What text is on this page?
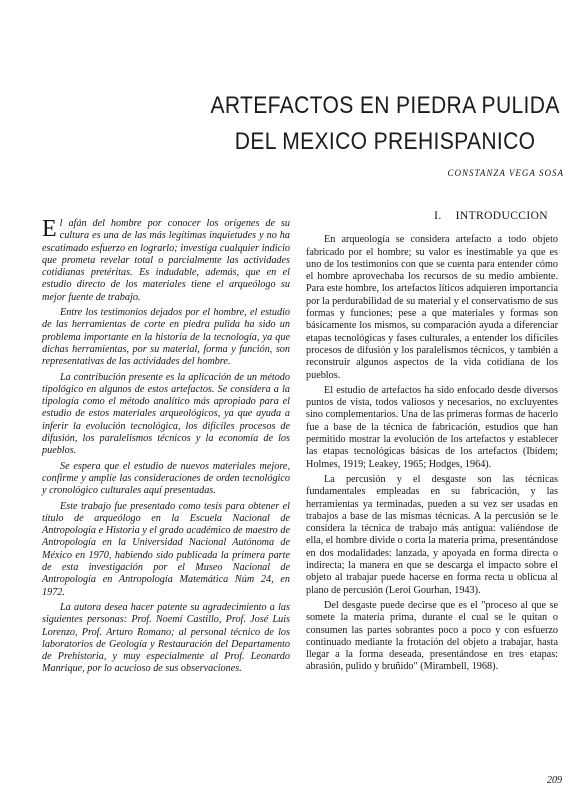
ARTEFACTOS EN PIEDRA PULIDA
DEL MEXICO PREHISPANICO
CONSTANZA VEGA SOSA

El afán del hombre por conocer los orígenes de su cultura es una de las más legítimas inquietudes y no ha escatimado esfuerzo en lograrlo; investiga cualquier indicio que prometa revelar total o parcialmente las actividades cotidianas pretéritas. Es indudable, además, que en el estudio directo de los materiales tiene el arqueólogo su mejor fuente de trabajo.

Entre los testimonios dejados por el hombre, el estudio de las herramientas de corte en piedra pulida ha sido un problema importante en la historia de la tecnología, ya que dichas herramientas, por su material, forma y función, son representativas de las actividades del hombre.

La contribución presente es la aplicación de un método tipológico en algunos de estos artefactos. Se considera a la tipología como el método analítico más apropiado para el estudio de estos materiales arqueológicos, ya que ayuda a inferir la evolución tecnológica, los difíciles procesos de difusión, los paralelismos técnicos y la economía de los pueblos.

Se espera que el estudio de nuevos materiales mejore, confirme y amplíe las consideraciones de orden tecnológico y cronológico culturales aquí presentadas.

Este trabajo fue presentado como tesis para obtener el título de arqueólogo en la Escuela Nacional de Antropología e Historia y el grado académico de maestro de Antropología en la Universidad Nacional Autónoma de México en 1970, habiendo sido publicada la primera parte de esta investigación por el Museo Nacional de Antropología en Antropología Matemática Núm 24, en 1972.

La autora desea hacer patente su agradecimiento a las siguientes personas: Prof. Noemí Castillo, Prof. José Luis Lorenzo, Prof. Arturo Romano; al personal técnico de los laboratorios de Geología y Restauración del Departamento de Prehistoria, y muy especialmente al Prof. Leonardo Manrique, por lo acucioso de sus observaciones.

I. INTRODUCCION

En arqueología se considera artefacto a todo objeto fabricado por el hombre; su valor es inestimable ya que es uno de los testimonios con que se cuenta para entender cómo el hombre aprovechaba los recursos de su medio ambiente. Para este hombre, los artefactos líticos adquieren importancia por la perdurabilidad de su material y el conservatismo de sus formas y funciones; pese a que materiales y formas son básicamente los mismos, su comparación ayuda a diferenciar etapas tecnológicas y fases culturales, a entender los difíciles procesos de difusión y los paralelismos técnicos, y también a reconstruir algunos aspectos de la vida cotidiana de los pueblos.

El estudio de artefactos ha sido enfocado desde diversos puntos de vista, todos valiosos y necesarios, no excluyentes sino complementarios. Una de las primeras formas de hacerlo fue a base de la técnica de fabricación, estudios que han permitido mostrar la evolución de los artefactos y establecer las etapas tecnológicas básicas de los artefactos (Ibídem; Holmes, 1919; Leakey, 1965; Hodges, 1964).

La percusión y el desgaste son las técnicas fundamentales empleadas en su fabricación, y las herramientas ya terminadas, pueden a su vez ser usadas en trabajos a base de las mismas técnicas. A la percusión se le considera la técnica de trabajo más antigua: valiéndose de ella, el hombre divide o corta la materia prima, presentándose en dos modalidades: lanzada, y apoyada en forma directa o indirecta; la manera en que se descarga el impacto sobre el objeto al trabajar puede hacerse en forma recta u oblicua al plano de percusión (Leroi Gourhan, 1943).

Del desgaste puede decirse que es el "proceso al que se somete la materia prima, durante el cual se le quitan o consumen las partes sobrantes poco a poco y con esfuerzo continuado mediante la frotación del objeto a trabajar, hasta llegar a la forma deseada, presentándose en tres etapas: abrasión, pulido y bruñido" (Mirambell, 1968).

209
